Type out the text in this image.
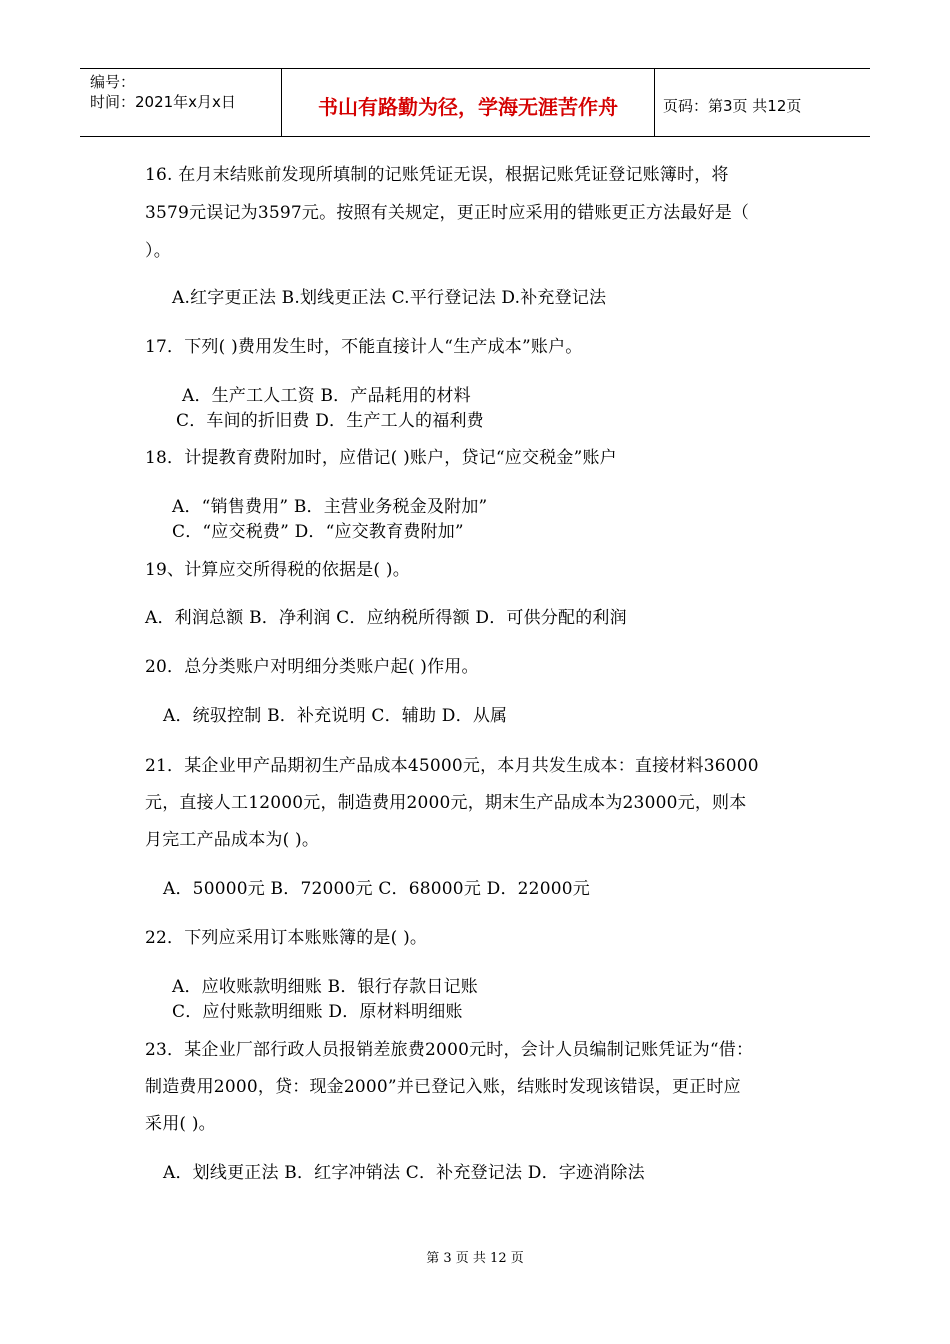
编号：
时间：2021年x月x日	书山有路勤为径，学海无涯苦作舟	页码：第3页 共12页
16. 在月末结账前发现所填制的记账凭证无误，根据记账凭证登记账簿时，将
3579元误记为3597元。按照有关规定，更正时应采用的错账更正方法最好是（
）。
A.红字更正法 B.划线更正法 C.平行登记法 D.补充登记法
17．下列( )费用发生时，不能直接计人“生产成本”账户。
A．生产工人工资 B．产品耗用的材料
C．车间的折旧费 D．生产工人的福利费
18．计提教育费附加时，应借记( )账户，贷记“应交税金”账户
A．“销售费用” B．主营业务税金及附加”
C．“应交税费” D．“应交教育费附加”
19、计算应交所得税的依据是( )。
A．利润总额 B．净利润 C．应纳税所得额 D．可供分配的利润
20．总分类账户对明细分类账户起( )作用。
A．统驭控制 B．补充说明 C．辅助 D．从属
21．某企业甲产品期初生产品成本45000元，本月共发生成本：直接材料36000
元，直接人工12000元，制造费用2000元，期末生产品成本为23000元，则本
月完工产品成本为( )。
A．50000元 B．72000元 C．68000元 D．22000元
22．下列应采用订本账账簿的是( )。
A．应收账款明细账 B．银行存款日记账
C．应付账款明细账 D．原材料明细账
23．某企业厂部行政人员报销差旅费2000元时，会计人员编制记账凭证为“借：
制造费用2000，贷：现金2000”并已登记入账，结账时发现该错误，更正时应
采用( )。
A．划线更正法 B．红字冲销法 C．补充登记法 D．字迹消除法
第 3 页 共 12 页
